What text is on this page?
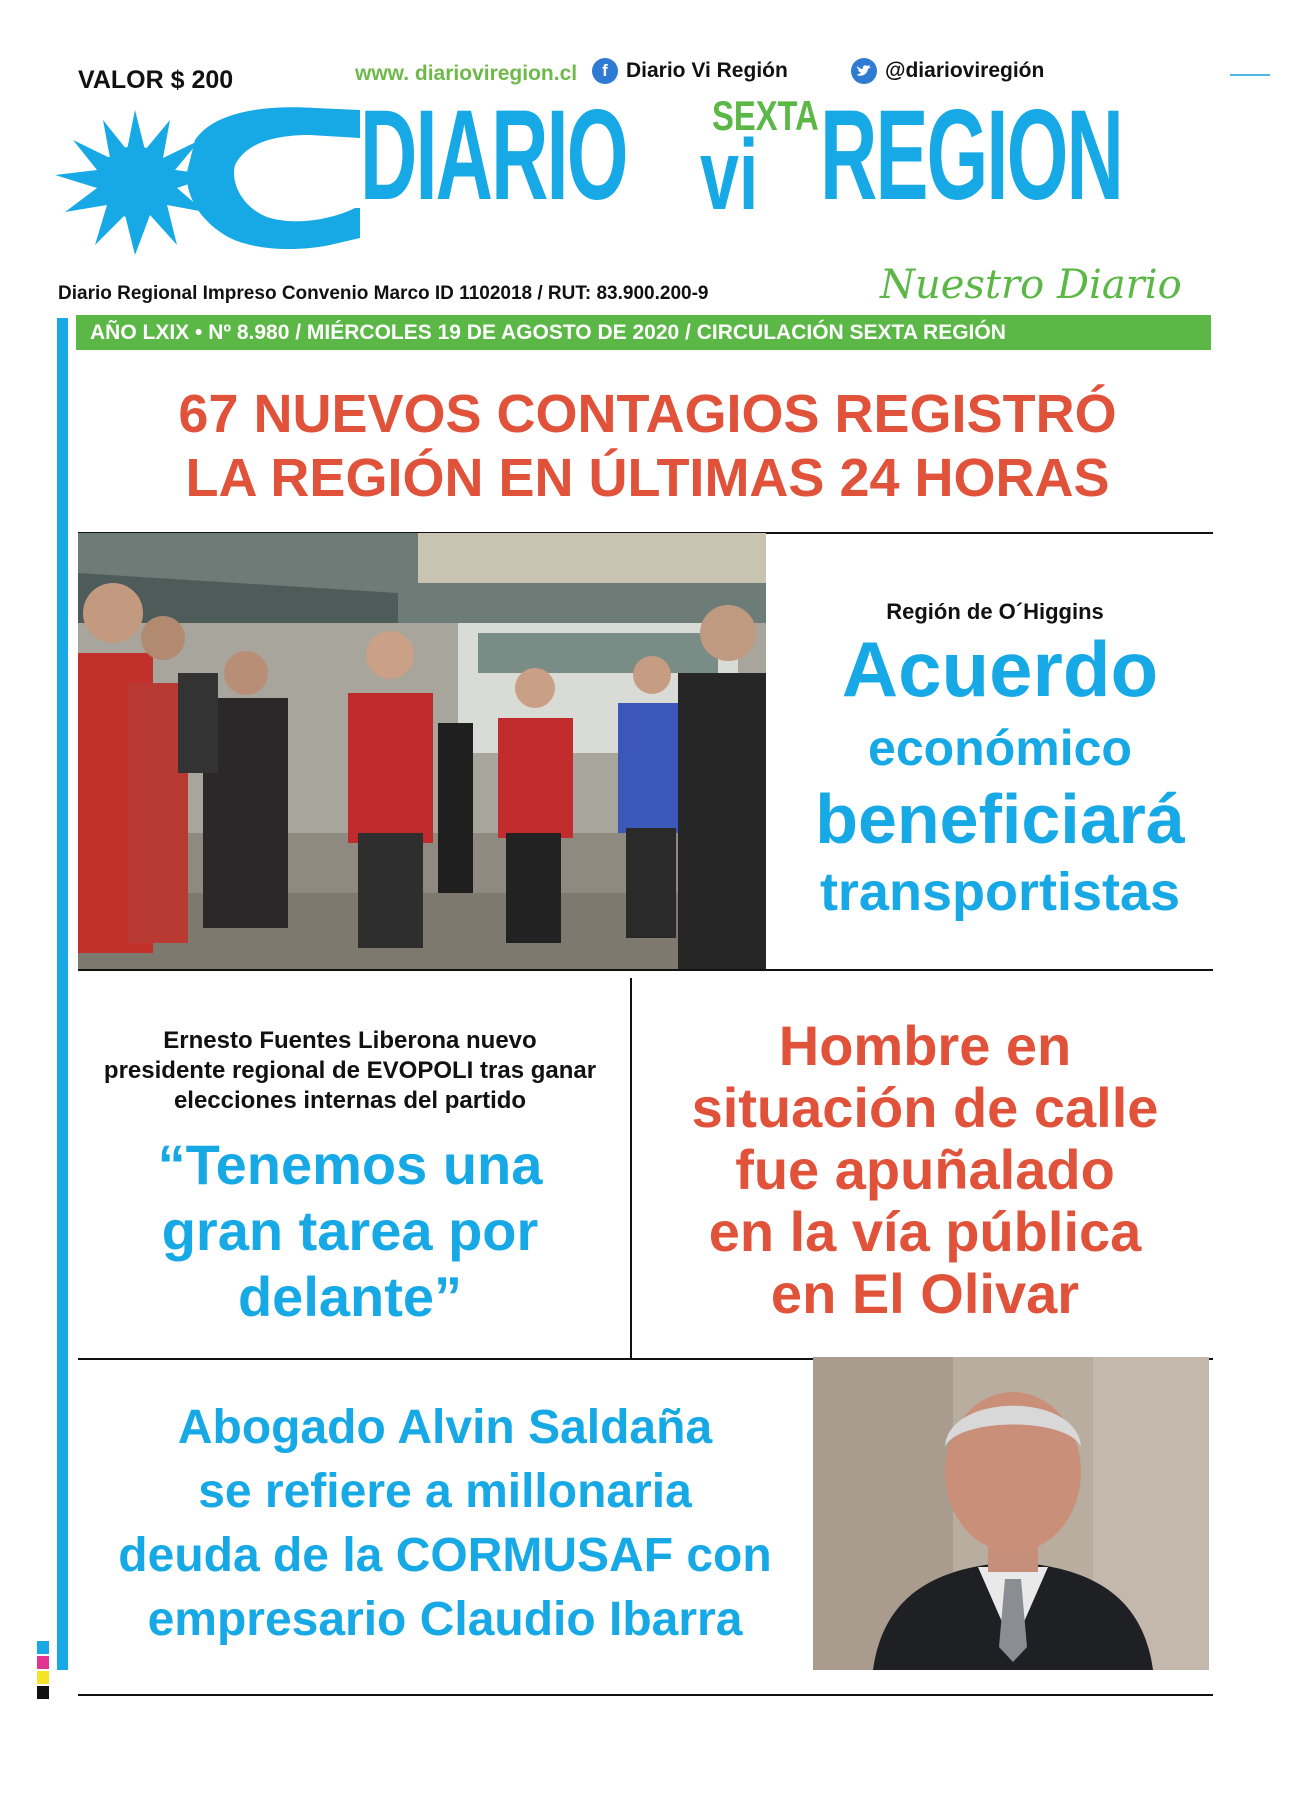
VALOR $ 200	www. diarioviregion.cl	f Diario Vi Región	@diarioviregión
DIARIO SEXTA
vi REGION
Nuestro Diario
Diario Regional Impreso Convenio Marco ID 1102018 / RUT: 83.900.200-9
AÑO LXIX • Nº 8.980 / MIÉRCOLES 19 DE AGOSTO DE 2020 / CIRCULACIÓN SEXTA REGIÓN
67 NUEVOS CONTAGIOS REGISTRÓ
LA REGIÓN EN ÚLTIMAS 24 HORAS
Región de O´Higgins
Acuerdo
económico
beneficiará
transportistas
Ernesto Fuentes Liberona nuevo
presidente regional de EVOPOLI tras ganar
elecciones internas del partido
“Tenemos una
gran tarea por
delante”
Hombre en
situación de calle
fue apuñalado
en la vía pública
en El Olivar
Abogado Alvin Saldaña
se refiere a millonaria
deuda de la CORMUSAF con
empresario Claudio Ibarra
